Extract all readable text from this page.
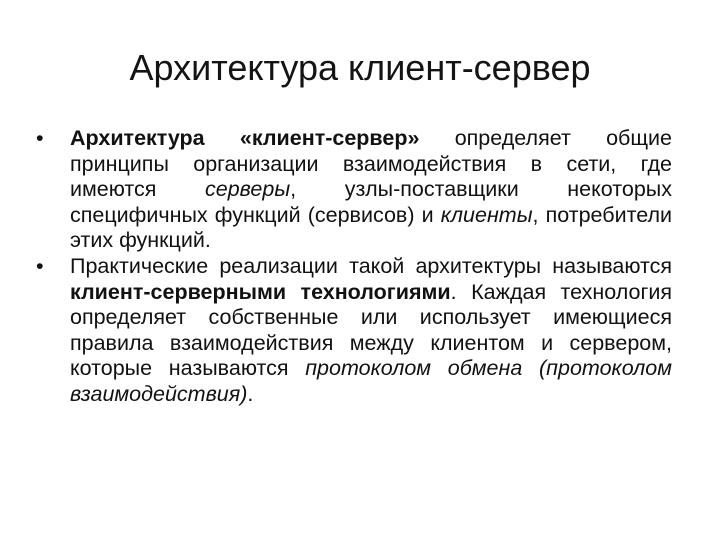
Архитектура клиент-сервер
•	Архитектура «клиент-сервер» определяет общие принципы организации взаимодействия в сети, где имеются серверы, узлы-поставщики некоторых специфичных функций (сервисов) и клиенты, потребители этих функций.
•	Практические реализации такой архитектуры называются клиент-серверными технологиями. Каждая технология определяет собственные или использует имеющиеся правила взаимодействия между клиентом и сервером, которые называются протоколом обмена (протоколом взаимодействия).
